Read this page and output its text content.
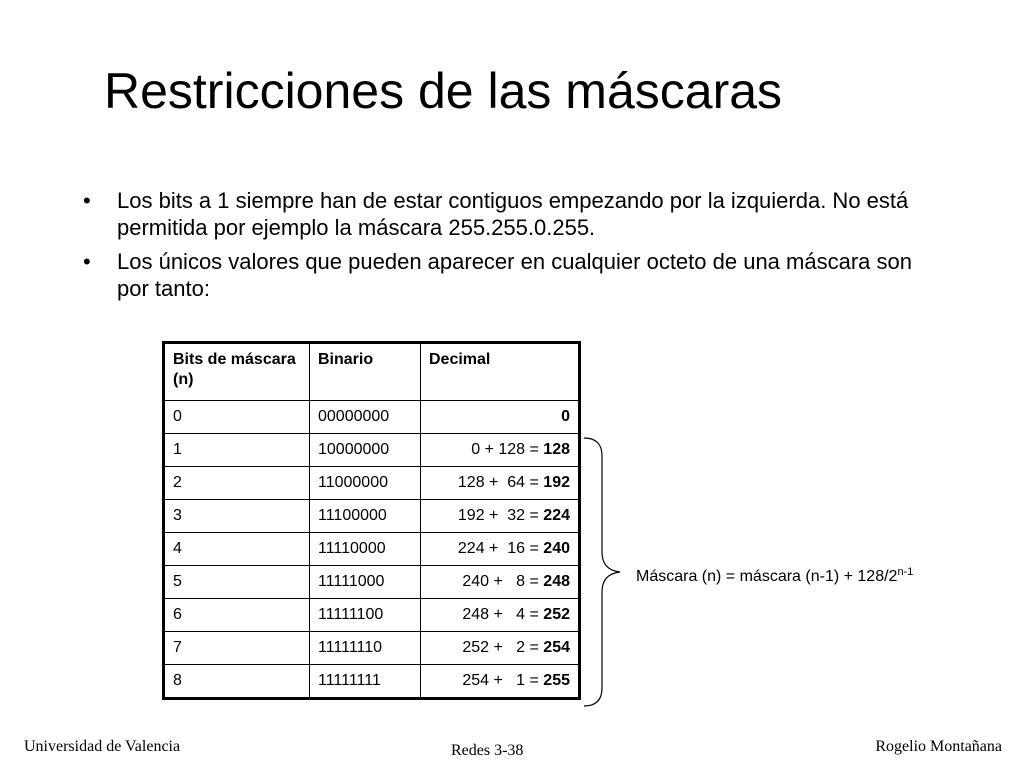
Restricciones de las máscaras
• Los bits a 1 siempre han de estar contiguos empezando por la izquierda. No está permitida por ejemplo la máscara 255.255.0.255.
• Los únicos valores que pueden aparecer en cualquier octeto de una máscara son por tanto:
Bits de máscara (n)	Binario	Decimal
0	00000000	0
1	10000000	0 + 128 = 128
2	11000000	128 +  64 = 192
3	11100000	192 +  32 = 224
4	11110000	224 +  16 = 240
5	11111000	240 +   8 = 248
6	11111100	248 +   4 = 252
7	11111110	252 +   2 = 254
8	11111111	254 +   1 = 255
Máscara (n) = máscara $(n-1) + 128/2^{n-1}$
Universidad de Valencia	Redes 3-38	Rogelio Montañana
